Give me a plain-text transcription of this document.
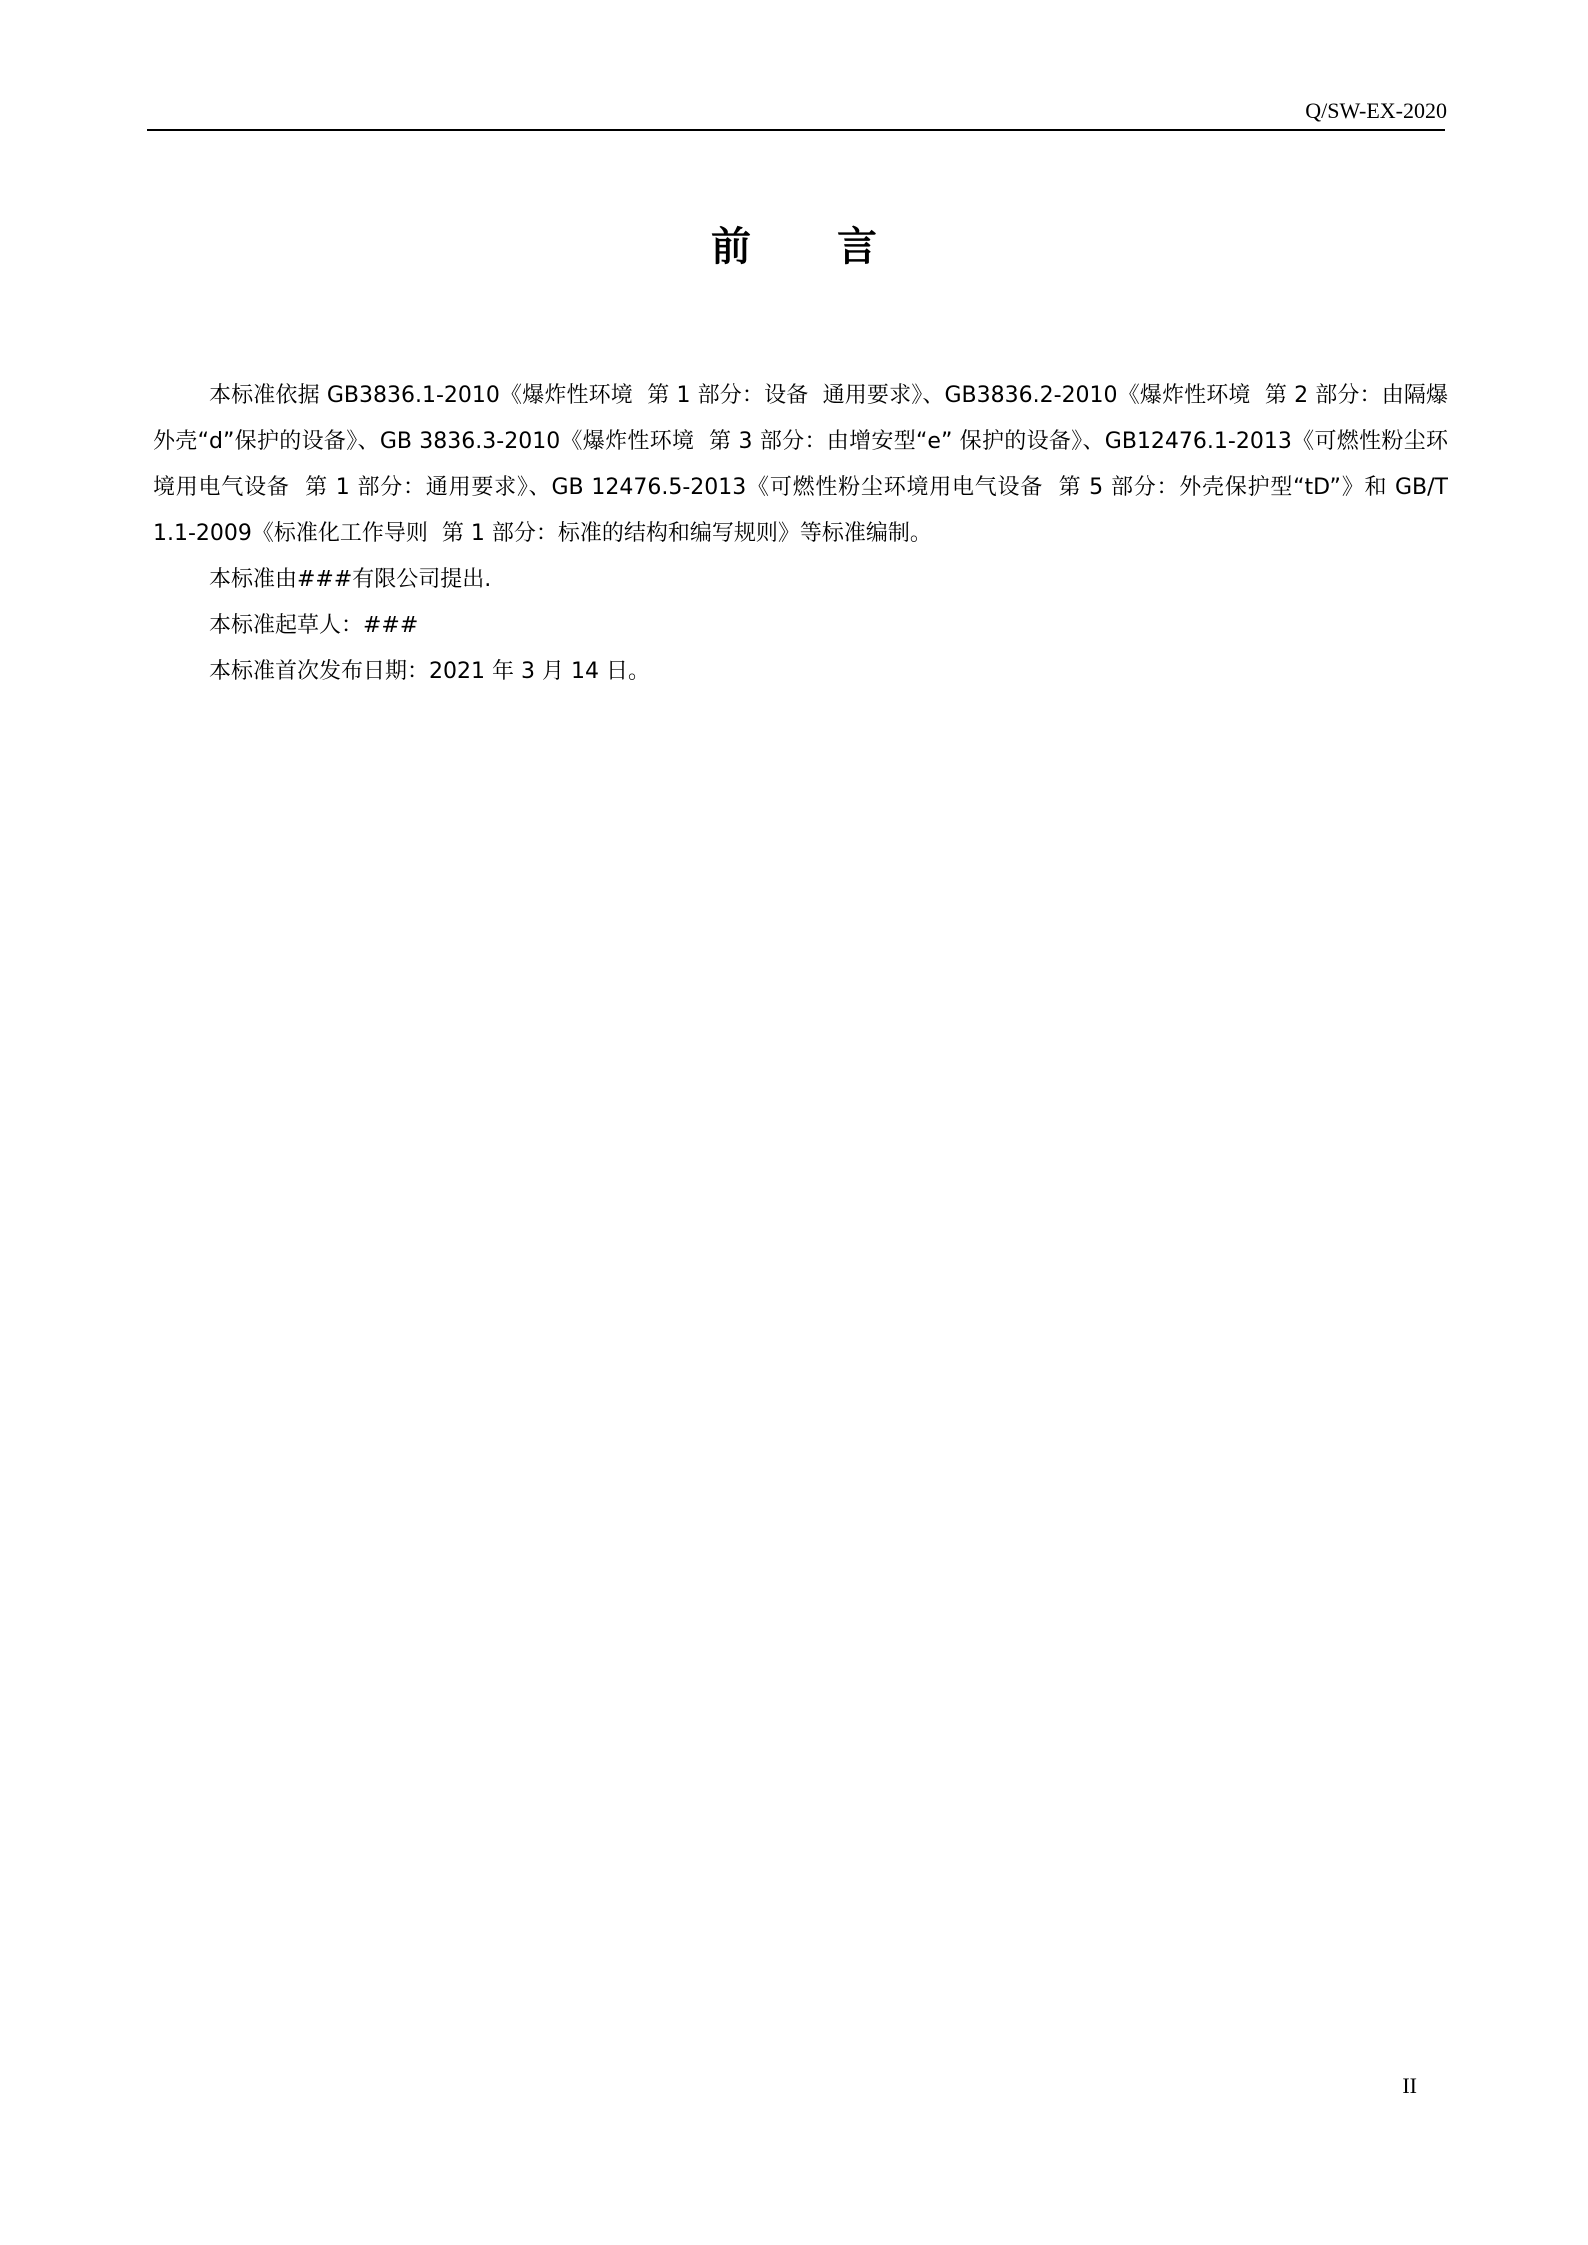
Q/SW-EX-2020
前言

本标准依据 GB3836.1-2010《爆炸性环境  第 1 部分：设备  通用要求》、GB3836.2-2010《爆炸性环境  第 2 部分：由隔爆外壳“d”保护的设备》、GB 3836.3-2010《爆炸性环境  第 3 部分：由增安型“e” 保护的设备》、GB12476.1-2013《可燃性粉尘环境用电气设备  第 1 部分：通用要求》、GB 12476.5-2013《可燃性粉尘环境用电气设备  第 5 部分：外壳保护型“tD”》和 GB/T 1.1-2009《标准化工作导则  第 1 部分：标准的结构和编写规则》等标准编制。

本标准由###有限公司提出.

本标准起草人：###

本标准首次发布日期：2021 年 3 月 14 日。

II
